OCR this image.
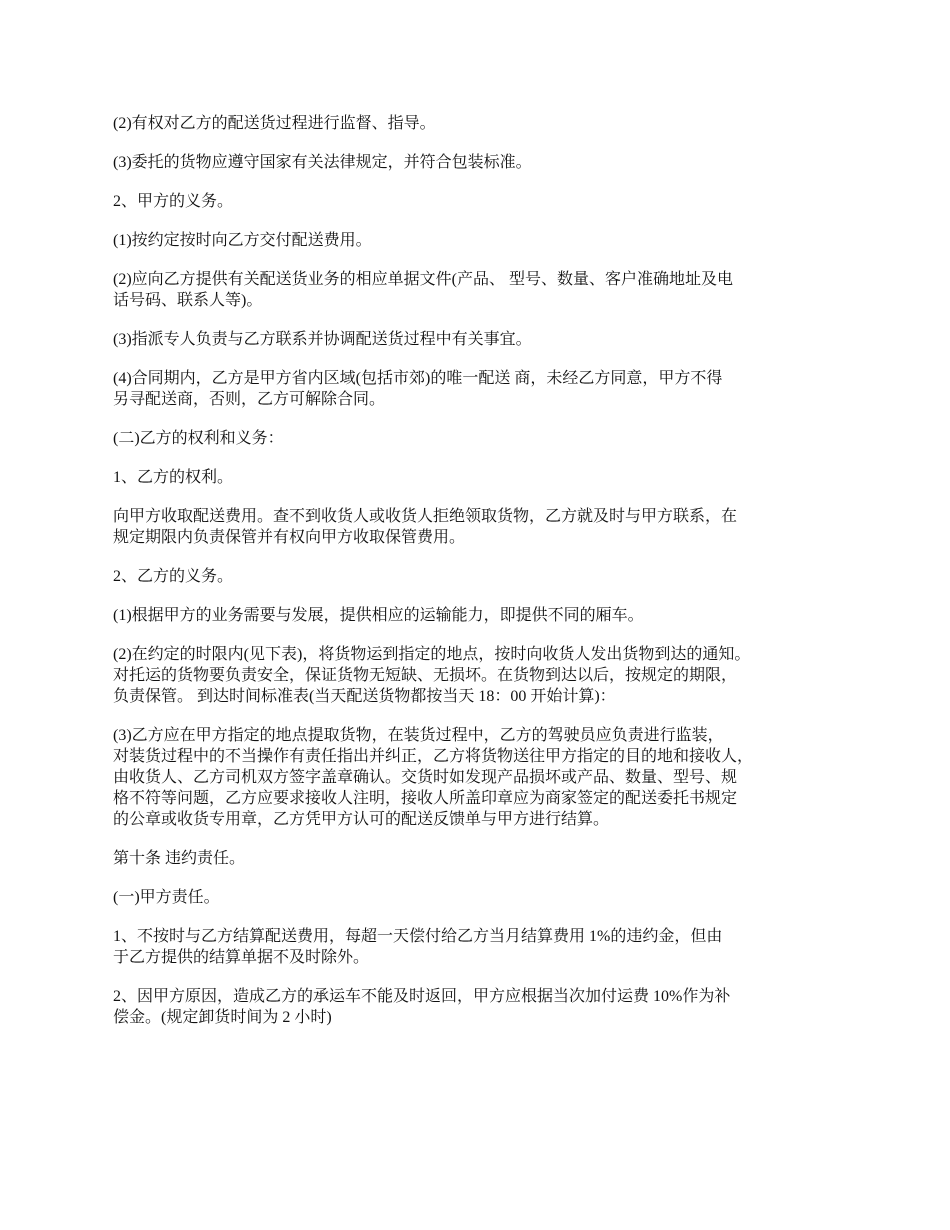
(2)有权对乙方的配送货过程进行监督、指导。

(3)委托的货物应遵守国家有关法律规定，并符合包装标准。

2、甲方的义务。

(1)按约定按时向乙方交付配送费用。

(2)应向乙方提供有关配送货业务的相应单据文件(产品、 型号、数量、客户准确地址及电
话号码、联系人等)。

(3)指派专人负责与乙方联系并协调配送货过程中有关事宜。

(4)合同期内，乙方是甲方省内区域(包括市郊)的唯一配送 商，未经乙方同意，甲方不得
另寻配送商，否则，乙方可解除合同。

(二)乙方的权利和义务：

1、乙方的权利。

向甲方收取配送费用。查不到收货人或收货人拒绝领取货物，乙方就及时与甲方联系，在
规定期限内负责保管并有权向甲方收取保管费用。

2、乙方的义务。

(1)根据甲方的业务需要与发展，提供相应的运输能力，即提供不同的厢车。

(2)在约定的时限内(见下表)，将货物运到指定的地点，按时向收货人发出货物到达的通知。
对托运的货物要负责安全，保证货物无短缺、无损坏。在货物到达以后，按规定的期限，
负责保管。 到达时间标准表(当天配送货物都按当天 18：00 开始计算)：

(3)乙方应在甲方指定的地点提取货物，在装货过程中，乙方的驾驶员应负责进行监装，
对装货过程中的不当操作有责任指出并纠正，乙方将货物送往甲方指定的目的地和接收人，
由收货人、乙方司机双方签字盖章确认。交货时如发现产品损坏或产品、数量、型号、规
格不符等问题，乙方应要求接收人注明，接收人所盖印章应为商家签定的配送委托书规定
的公章或收货专用章，乙方凭甲方认可的配送反馈单与甲方进行结算。

第十条 违约责任。

(一)甲方责任。

1、不按时与乙方结算配送费用，每超一天偿付给乙方当月结算费用 1%的违约金，但由
于乙方提供的结算单据不及时除外。

2、因甲方原因，造成乙方的承运车不能及时返回，甲方应根据当次加付运费 10%作为补
偿金。(规定卸货时间为 2 小时)
